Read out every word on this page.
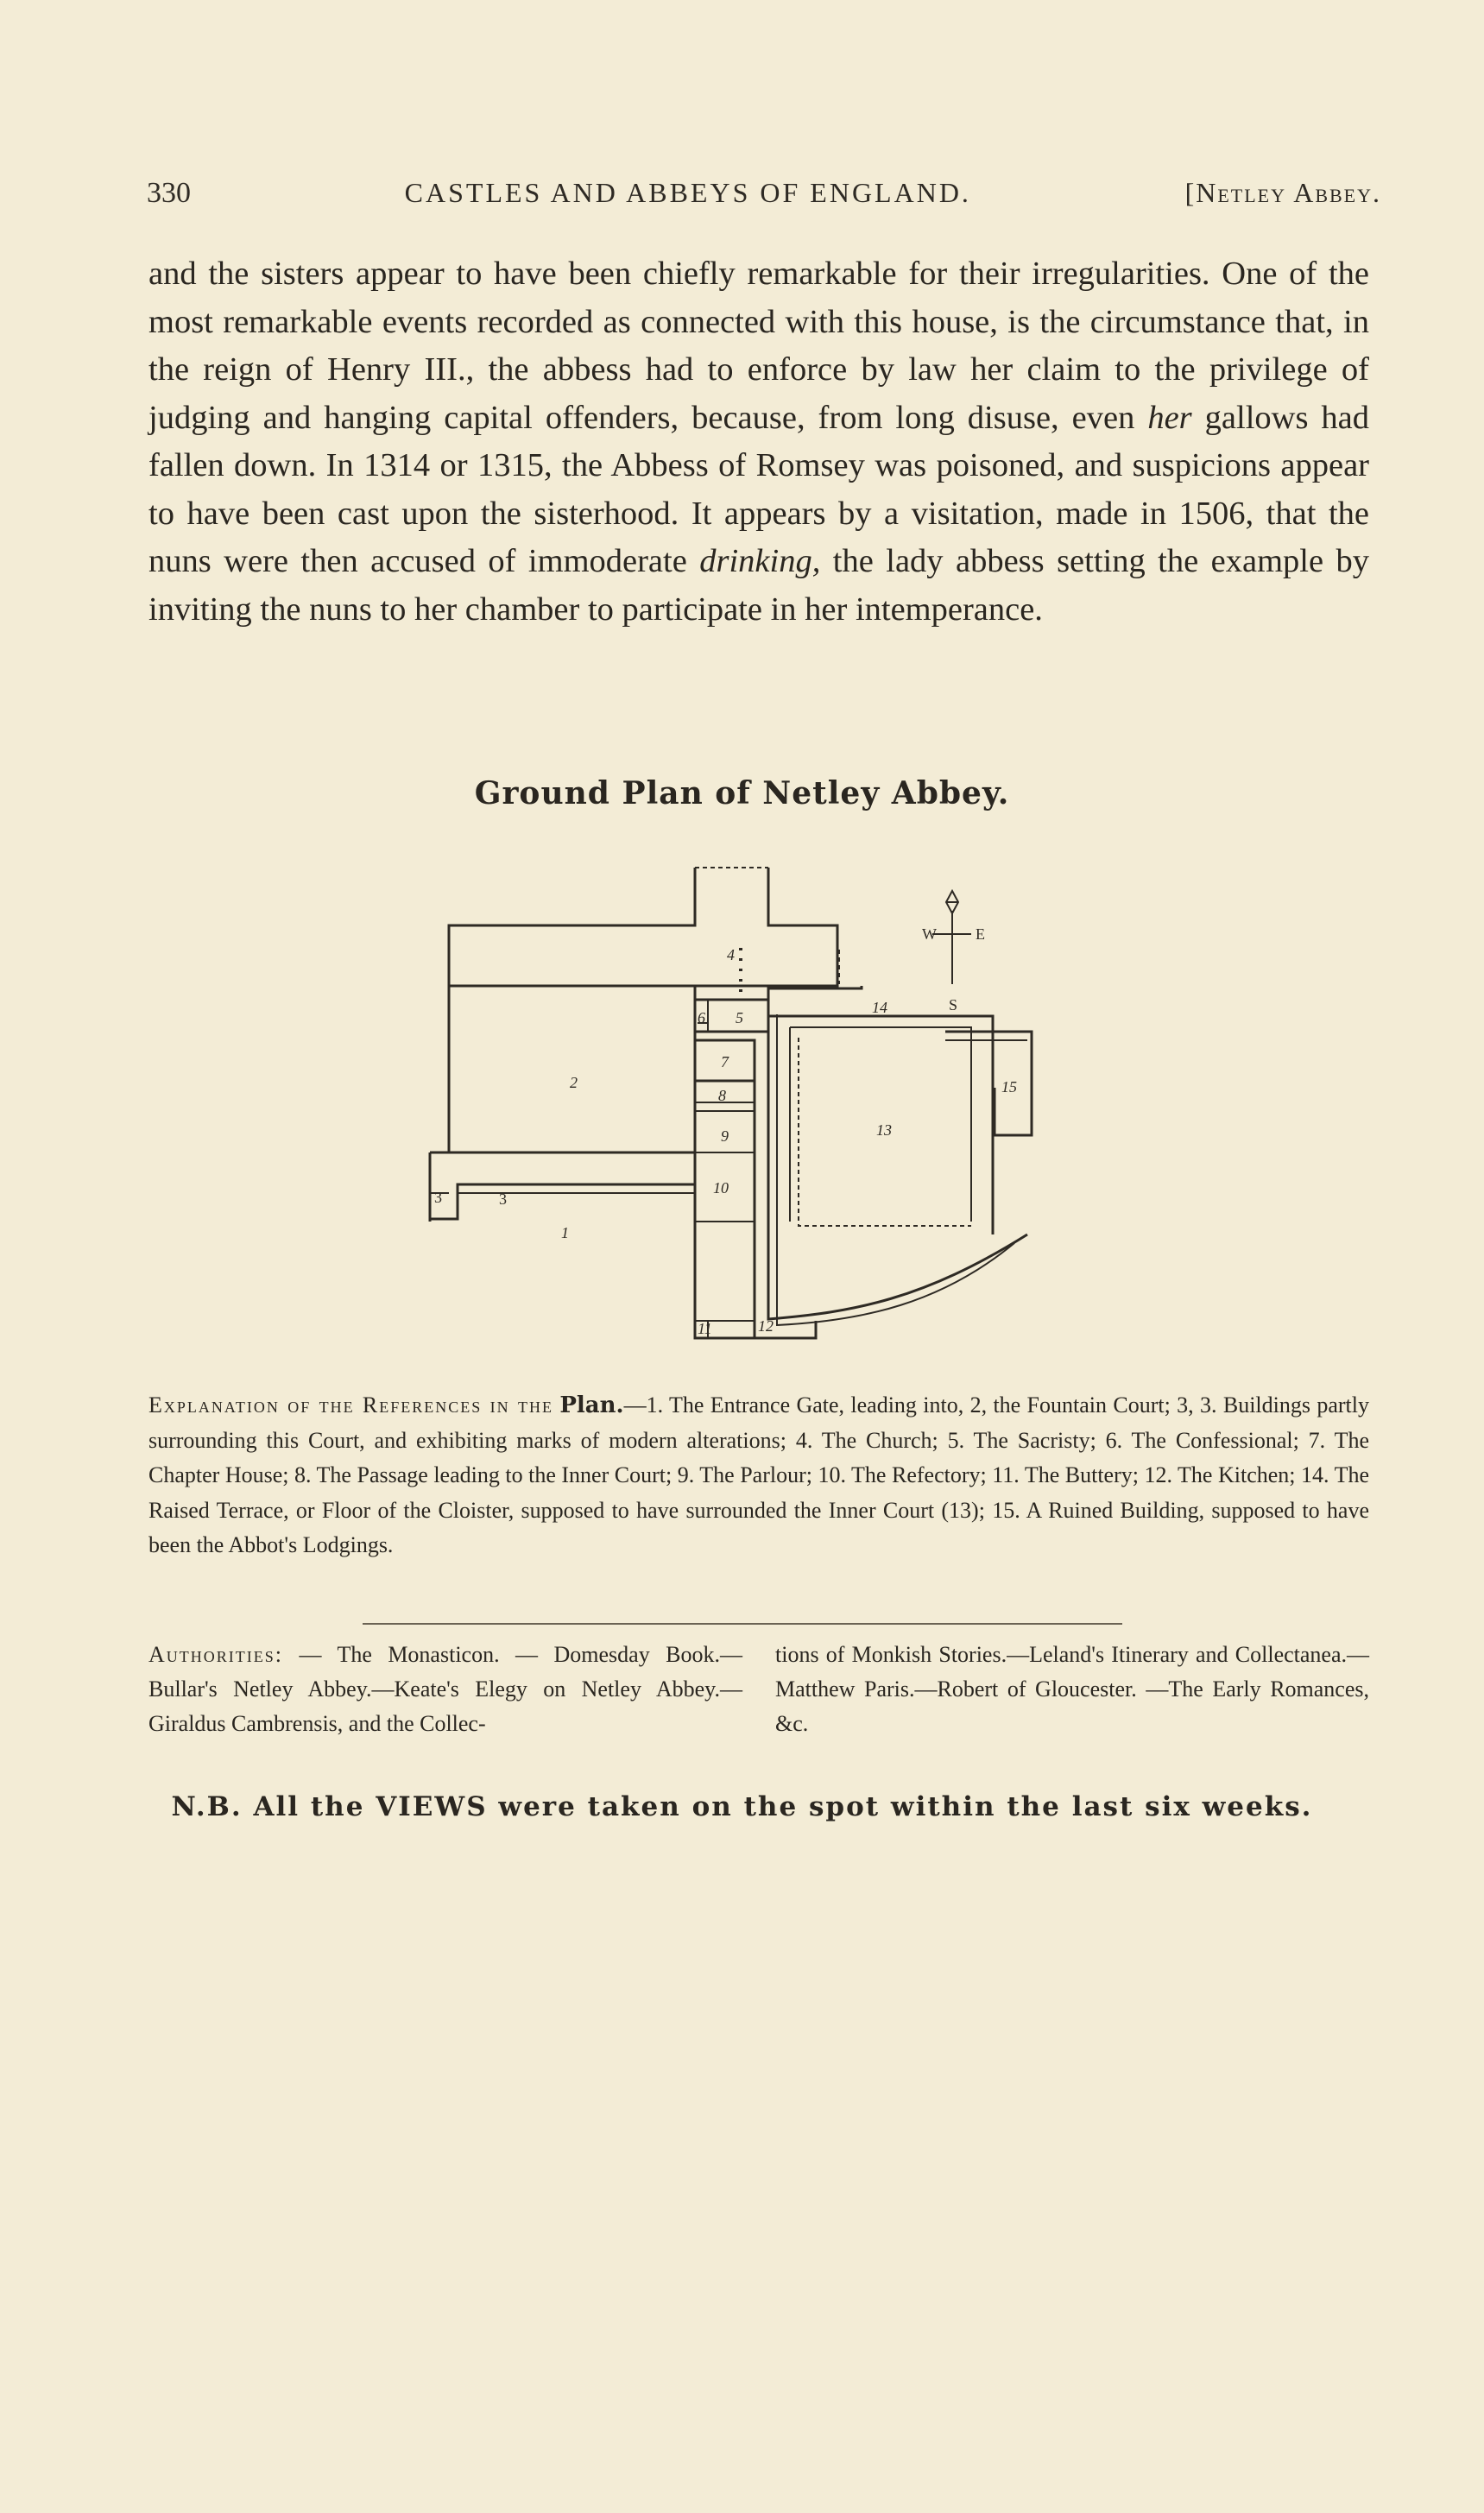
330	CASTLES AND ABBEYS OF ENGLAND.	[Netley Abbey.

and the sisters appear to have been chiefly remarkable for their irregularities. One of the most remarkable events recorded as connected with this house, is the circumstance that, in the reign of Henry III., the abbess had to enforce by law her claim to the privilege of judging and hanging capital offenders, because, from long disuse, even her gallows had fallen down. In 1314 or 1315, the Abbess of Romsey was poisoned, and suspicions appear to have been cast upon the sisterhood. It appears by a visitation, made in 1506, that the nuns were then accused of immoderate drinking, the lady abbess setting the example by inviting the nuns to her chamber to participate in her intemperance.

Ground Plan of Netley Abbey.
W	E
S
1
2
3	3
4
5
6
7
8
9
10
11	12
13
14
15
Explanation of the References in the Plan.—1. The Entrance Gate, leading into, 2, the Fountain Court; 3, 3. Buildings partly surrounding this Court, and exhibiting marks of modern alterations; 4. The Church; 5. The Sacristy; 6. The Confessional; 7. The Chapter House; 8. The Passage leading to the Inner Court; 9. The Parlour; 10. The Refectory; 11. The Buttery; 12. The Kitchen; 14. The Raised Terrace, or Floor of the Cloister, supposed to have surrounded the Inner Court (13); 15. A Ruined Building, supposed to have been the Abbot's Lodgings.
Authorities: — The Monasticon. — Domesday Book.—Bullar's Netley Abbey.—Keate's Elegy on Netley Abbey.—Giraldus Cambrensis, and the Collec-
tions of Monkish Stories.—Leland's Itinerary and Collectanea.—Matthew Paris.—Robert of Gloucester. —The Early Romances, &c.
N.B. All the VIEWS were taken on the spot within the last six weeks.
